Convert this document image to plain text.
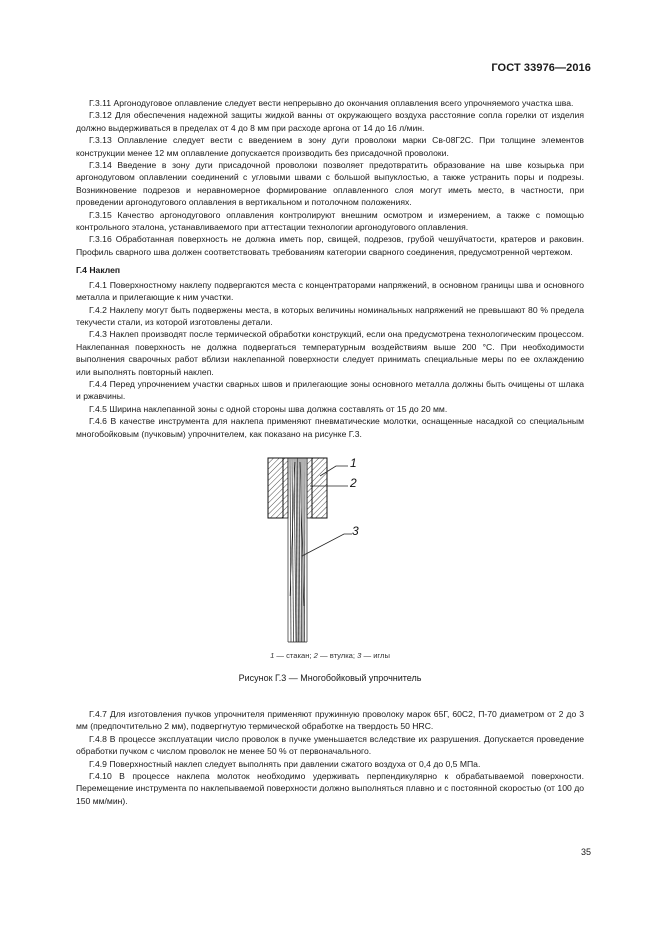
ГОСТ 33976—2016

Г.3.11 Аргонодуговое оплавление следует вести непрерывно до окончания оплавления всего упрочняемого участка шва.

Г.3.12 Для обеспечения надежной защиты жидкой ванны от окружающего воздуха расстояние сопла горелки от изделия должно выдерживаться в пределах от 4 до 8 мм при расходе аргона от 14 до 16 л/мин.

Г.3.13 Оплавление следует вести с введением в зону дуги проволоки марки Св-08Г2С. При толщине элементов конструкции менее 12 мм оплавление допускается производить без присадочной проволоки.

Г.3.14 Введение в зону дуги присадочной проволоки позволяет предотвратить образование на шве козырька при аргонодуговом оплавлении соединений с угловыми швами с большой выпуклостью, а также устранить поры и подрезы. Возникновение подрезов и неравномерное формирование оплавленного слоя могут иметь место, в частности, при проведении аргонодугового оплавления в вертикальном и потолочном положениях.

Г.3.15 Качество аргонодугового оплавления контролируют внешним осмотром и измерением, а также с помощью контрольного эталона, устанавливаемого при аттестации технологии аргонодугового оплавления.

Г.3.16 Обработанная поверхность не должна иметь пор, свищей, подрезов, грубой чешуйчатости, кратеров и раковин. Профиль сварного шва должен соответствовать требованиям категории сварного соединения, предусмотренной чертежом.

Г.4 Наклеп

Г.4.1 Поверхностному наклепу подвергаются места с концентраторами напряжений, в основном границы шва и основного металла и прилегающие к ним участки.

Г.4.2 Наклепу могут быть подвержены места, в которых величины номинальных напряжений не превышают 80 % предела текучести стали, из которой изготовлены детали.

Г.4.3 Наклеп производят после термической обработки конструкций, если она предусмотрена технологическим процессом. Наклепанная поверхность не должна подвергаться температурным воздействиям выше 200 °С. При необходимости выполнения сварочных работ вблизи наклепанной поверхности следует принимать специальные меры по ее охлаждению или выполнять повторный наклеп.

Г.4.4 Перед упрочнением участки сварных швов и прилегающие зоны основного металла должны быть очищены от шлака и ржавчины.

Г.4.5 Ширина наклепанной зоны с одной стороны шва должна составлять от 15 до 20 мм.

Г.4.6 В качестве инструмента для наклепа применяют пневматические молотки, оснащенные насадкой со специальным многобойковым (пучковым) упрочнителем, как показано на рисунке Г.3.

1
2
3
1 — стакан; 2 — втулка; 3 — иглы
Рисунок Г.3 — Многобойковый упрочнитель

Г.4.7 Для изготовления пучков упрочнителя применяют пружинную проволоку марок 65Г, 60С2, П-70 диаметром от 2 до 3 мм (предпочтительно 2 мм), подвергнутую термической обработке на твердость 50 HRC.

Г.4.8 В процессе эксплуатации число проволок в пучке уменьшается вследствие их разрушения. Допускается проведение обработки пучком с числом проволок не менее 50 % от первоначального.

Г.4.9 Поверхностный наклеп следует выполнять при давлении сжатого воздуха от 0,4 до 0,5 МПа.

Г.4.10 В процессе наклепа молоток необходимо удерживать перпендикулярно к обрабатываемой поверхности. Перемещение инструмента по наклепываемой поверхности должно выполняться плавно и с постоянной скоростью (от 100 до 150 мм/мин).

35
